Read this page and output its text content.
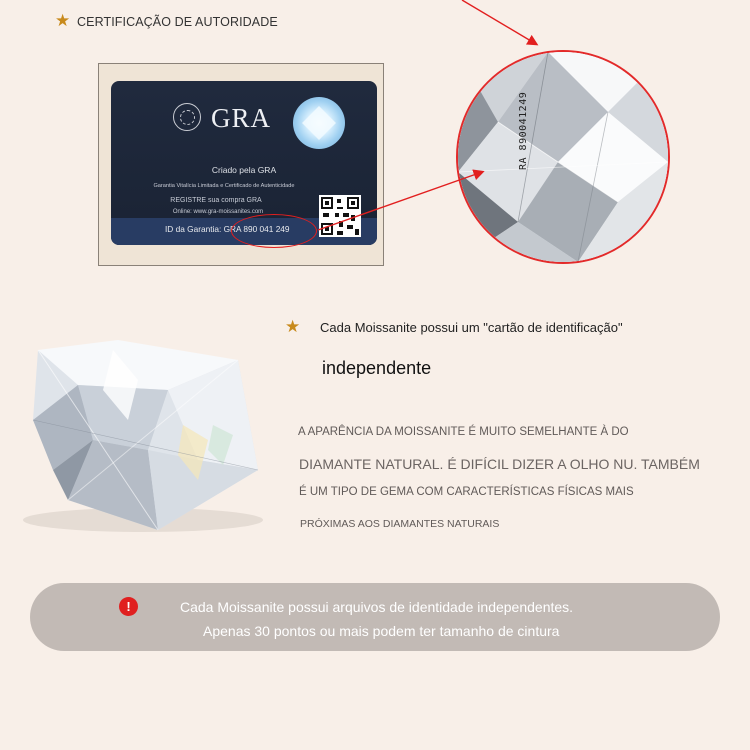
★ CERTIFICAÇÃO DE AUTORIDADE
GRA
Criado pela GRA
Garantia Vitalícia Limitada e Certificado de Autenticidade
REGISTRE sua compra GRA
Online: www.gra-moissanites.com
ID da Garantia: GRA 890 041 249
RA 890041249
★ Cada Moissanite possui um "cartão de identificação"
independente
A APARÊNCIA DA MOISSANITE É MUITO SEMELHANTE À DO
DIAMANTE NATURAL. É DIFÍCIL DIZER A OLHO NU. TAMBÉM
É UM TIPO DE GEMA COM CARACTERÍSTICAS FÍSICAS MAIS
PRÓXIMAS AOS DIAMANTES NATURAIS
!	Cada Moissanite possui arquivos de identidade independentes.
Apenas 30 pontos ou mais podem ter tamanho de cintura
